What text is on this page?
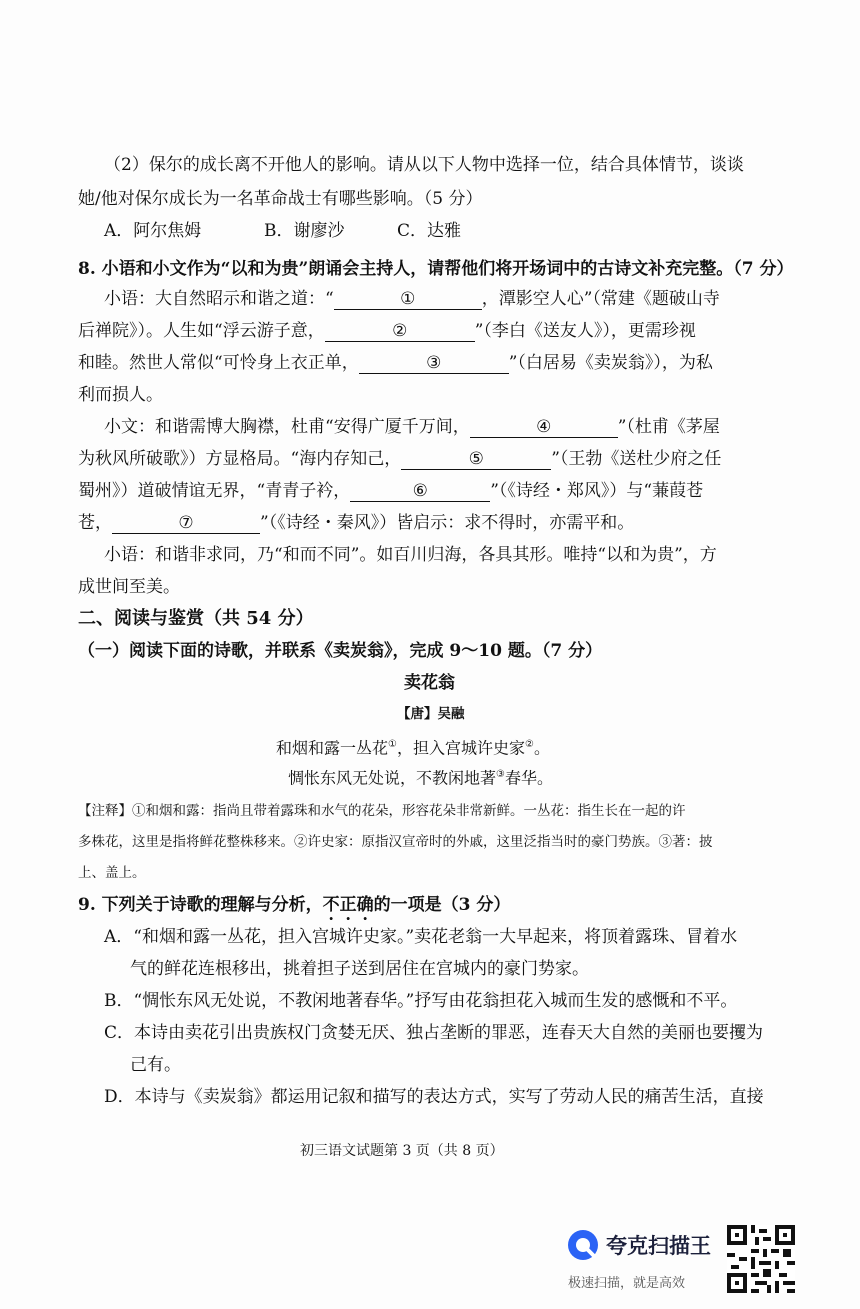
（2）保尔的成长离不开他人的影响。请从以下人物中选择一位，结合具体情节，谈谈
她/他对保尔成长为一名革命战士有哪些影响。（5 分）
A．阿尔焦姆	B．谢廖沙	C．达雅
8. 小语和小文作为“以和为贵”朗诵会主持人，请帮他们将开场词中的古诗文补充完整。（7 分）
小语：大自然昭示和谐之道：“	①	，潭影空人心”（常建《题破山寺
后禅院》）。人生如“浮云游子意，	②	”（李白《送友人》），更需珍视
和睦。然世人常似“可怜身上衣正单，	③	”（白居易《卖炭翁》），为私
利而损人。
小文：和谐需博大胸襟，杜甫“安得广厦千万间，	④	”（杜甫《茅屋
为秋风所破歌》）方显格局。“海内存知己，	⑤	”（王勃《送杜少府之任
蜀州》）道破情谊无界，“青青子衿，	⑥	”（《诗经・郑风》）与“蒹葭苍
苍，	⑦	”（《诗经・秦风》）皆启示：求不得时，亦需平和。
小语：和谐非求同，乃“和而不同”。如百川归海，各具其形。唯持“以和为贵”，方
成世间至美。
二、阅读与鉴赏（共 54 分）
（一）阅读下面的诗歌，并联系《卖炭翁》，完成 9～10 题。（7 分）
卖花翁
【唐】吴融
和烟和露一丛花①，担入宫城许史家②。
惆怅东风无处说，不教闲地著③春华。
【注释】①和烟和露：指尚且带着露珠和水气的花朵，形容花朵非常新鲜。一丛花：指生长在一起的许
多株花，这里是指将鲜花整株移来。②许史家：原指汉宣帝时的外戚，这里泛指当时的豪门势族。③著：披
上、盖上。
9. 下列关于诗歌的理解与分析，不正确的一项是（3 分）
A．“和烟和露一丛花，担入宫城许史家。”卖花老翁一大早起来，将顶着露珠、冒着水
气的鲜花连根移出，挑着担子送到居住在宫城内的豪门势家。
B．“惆怅东风无处说，不教闲地著春华。”抒写由花翁担花入城而生发的感慨和不平。
C．本诗由卖花引出贵族权门贪婪无厌、独占垄断的罪恶，连春天大自然的美丽也要攫为
己有。
D．本诗与《卖炭翁》都运用记叙和描写的表达方式，实写了劳动人民的痛苦生活，直接
初三语文试题第 3 页（共 8 页）
夸克扫描王
极速扫描，就是高效
